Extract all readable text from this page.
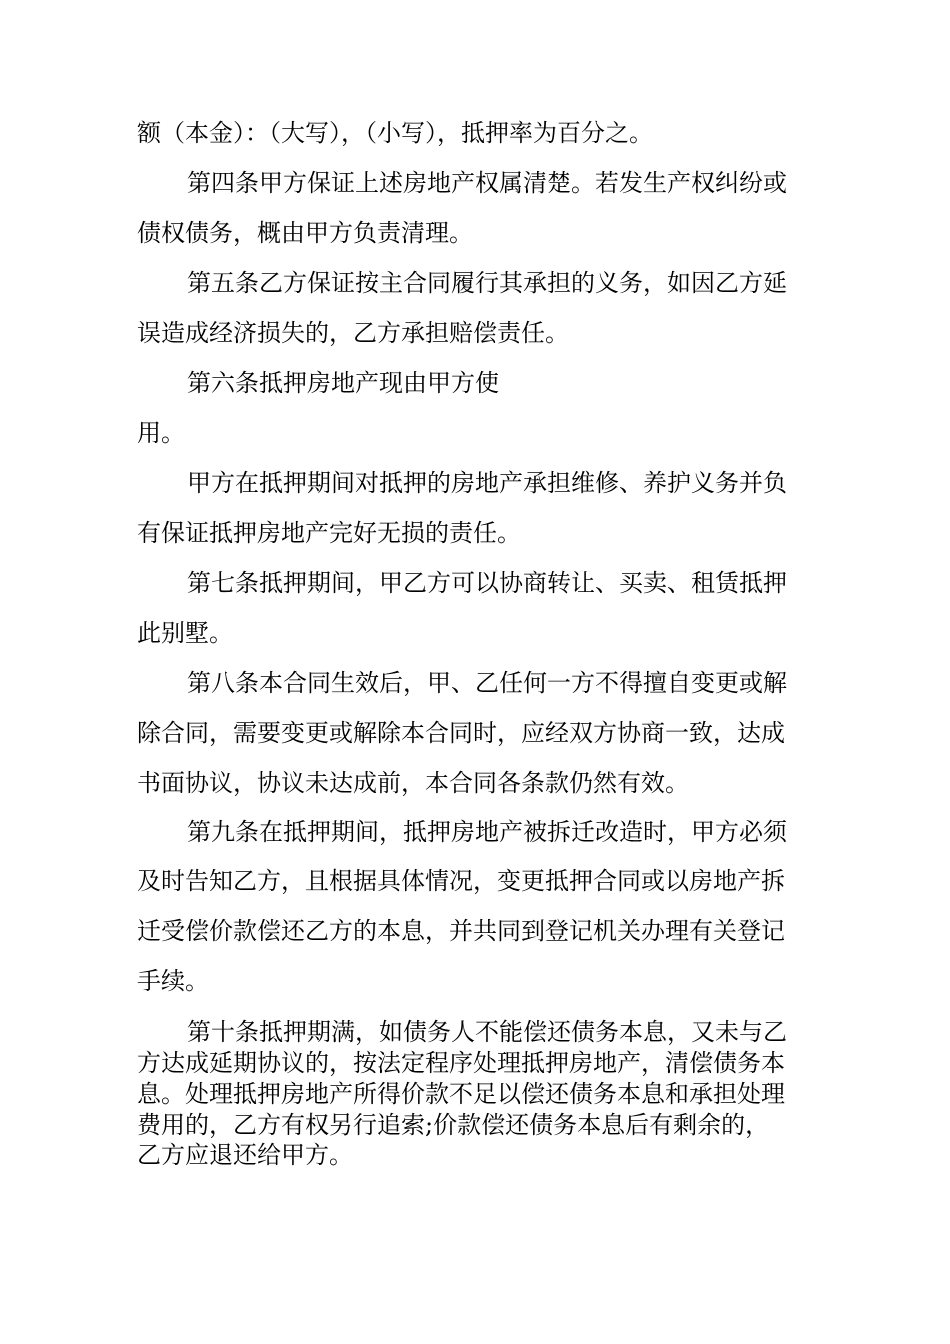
额（本金）：（大写），（小写），抵押率为百分之。

第四条甲方保证上述房地产权属清楚。若发生产权纠纷或

债权债务，概由甲方负责清理。

第五条乙方保证按主合同履行其承担的义务，如因乙方延

误造成经济损失的，乙方承担赔偿责任。

第六条抵押房地产现由甲方使

用。

甲方在抵押期间对抵押的房地产承担维修、养护义务并负

有保证抵押房地产完好无损的责任。

第七条抵押期间，甲乙方可以协商转让、买卖、租赁抵押

此别墅。

第八条本合同生效后，甲、乙任何一方不得擅自变更或解

除合同，需要变更或解除本合同时，应经双方协商一致，达成

书面协议，协议未达成前，本合同各条款仍然有效。

第九条在抵押期间，抵押房地产被拆迁改造时，甲方必须

及时告知乙方，且根据具体情况，变更抵押合同或以房地产拆

迁受偿价款偿还乙方的本息，并共同到登记机关办理有关登记

手续。

第十条抵押期满，如债务人不能偿还债务本息，又未与乙

方达成延期协议的，按法定程序处理抵押房地产，清偿债务本

息。处理抵押房地产所得价款不足以偿还债务本息和承担处理

费用的，乙方有权另行追索;价款偿还债务本息后有剩余的，

乙方应退还给甲方。
